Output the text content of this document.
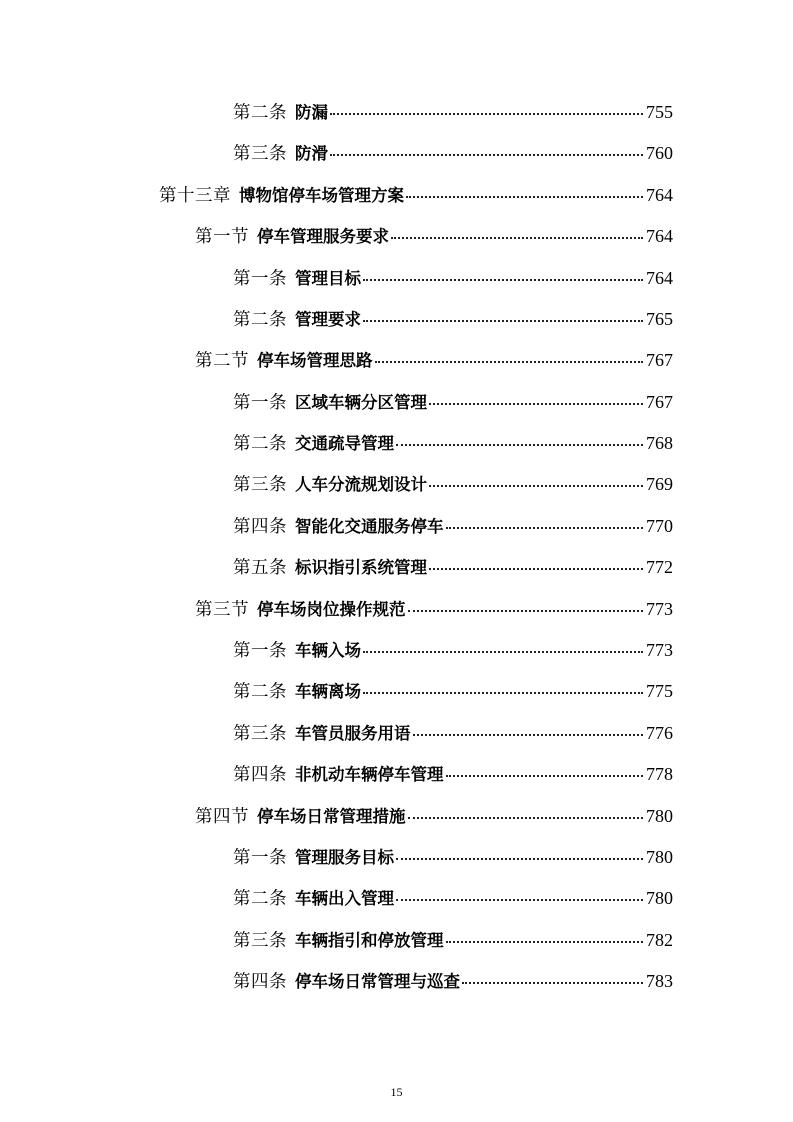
第二条 防漏	755
第三条 防滑	760
第十三章 博物馆停车场管理方案	764
第一节 停车管理服务要求	764
第一条 管理目标	764
第二条 管理要求	765
第二节 停车场管理思路	767
第一条 区域车辆分区管理	767
第二条 交通疏导管理	768
第三条 人车分流规划设计	769
第四条 智能化交通服务停车	770
第五条 标识指引系统管理	772
第三节 停车场岗位操作规范	773
第一条 车辆入场	773
第二条 车辆离场	775
第三条 车管员服务用语	776
第四条 非机动车辆停车管理	778
第四节 停车场日常管理措施	780
第一条 管理服务目标	780
第二条 车辆出入管理	780
第三条 车辆指引和停放管理	782
第四条 停车场日常管理与巡查	783
15
